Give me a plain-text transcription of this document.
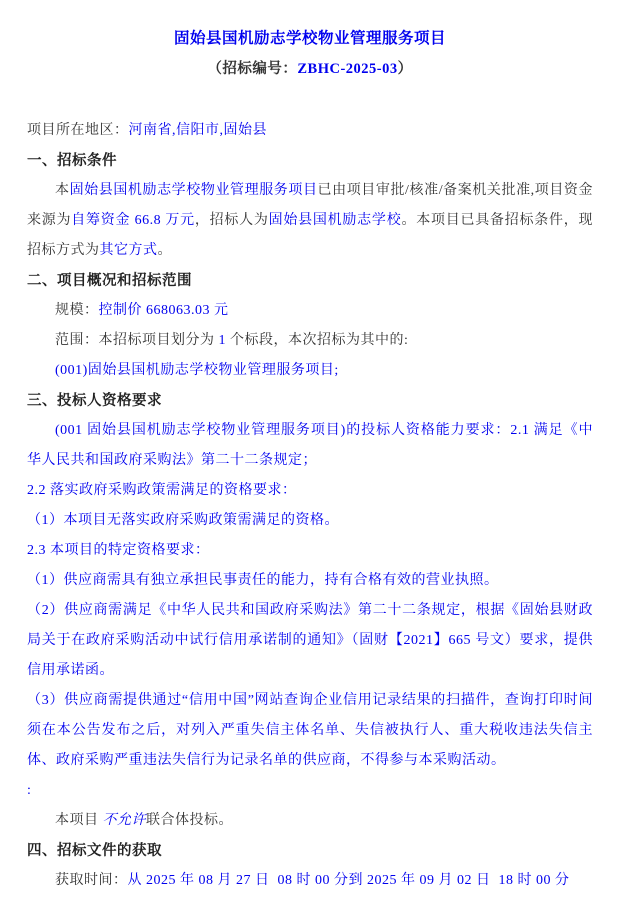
固始县国机励志学校物业管理服务项目
（招标编号：ZBHC-2025-03）

项目所在地区：河南省,信阳市,固始县

一、招标条件

本固始县国机励志学校物业管理服务项目已由项目审批/核准/备案机关批准,项目资金来源为自筹资金 66.8 万元，招标人为固始县国机励志学校。本项目已具备招标条件，现招标方式为其它方式。

二、项目概况和招标范围

规模：控制价 668063.03 元

范围：本招标项目划分为 1 个标段，本次招标为其中的:

(001)固始县国机励志学校物业管理服务项目;

三、投标人资格要求

(001 固始县国机励志学校物业管理服务项目)的投标人资格能力要求：2.1 满足《中华人民共和国政府采购法》第二十二条规定；

2.2 落实政府采购政策需满足的资格要求：

（1）本项目无落实政府采购政策需满足的资格。

2.3 本项目的特定资格要求：

（1）供应商需具有独立承担民事责任的能力，持有合格有效的营业执照。

（2）供应商需满足《中华人民共和国政府采购法》第二十二条规定，根据《固始县财政局关于在政府采购活动中试行信用承诺制的通知》（固财【2021】665 号文）要求，提供信用承诺函。

（3）供应商需提供通过“信用中国”网站查询企业信用记录结果的扫描件，查询打印时间须在本公告发布之后，对列入严重失信主体名单、失信被执行人、重大税收违法失信主体、政府采购严重违法失信行为记录名单的供应商，不得参与本采购活动。

:

本项目 不允许联合体投标。

四、招标文件的获取

获取时间：从 2025 年 08 月 27 日  08 时 00 分到 2025 年 09 月 02 日  18 时 00 分
